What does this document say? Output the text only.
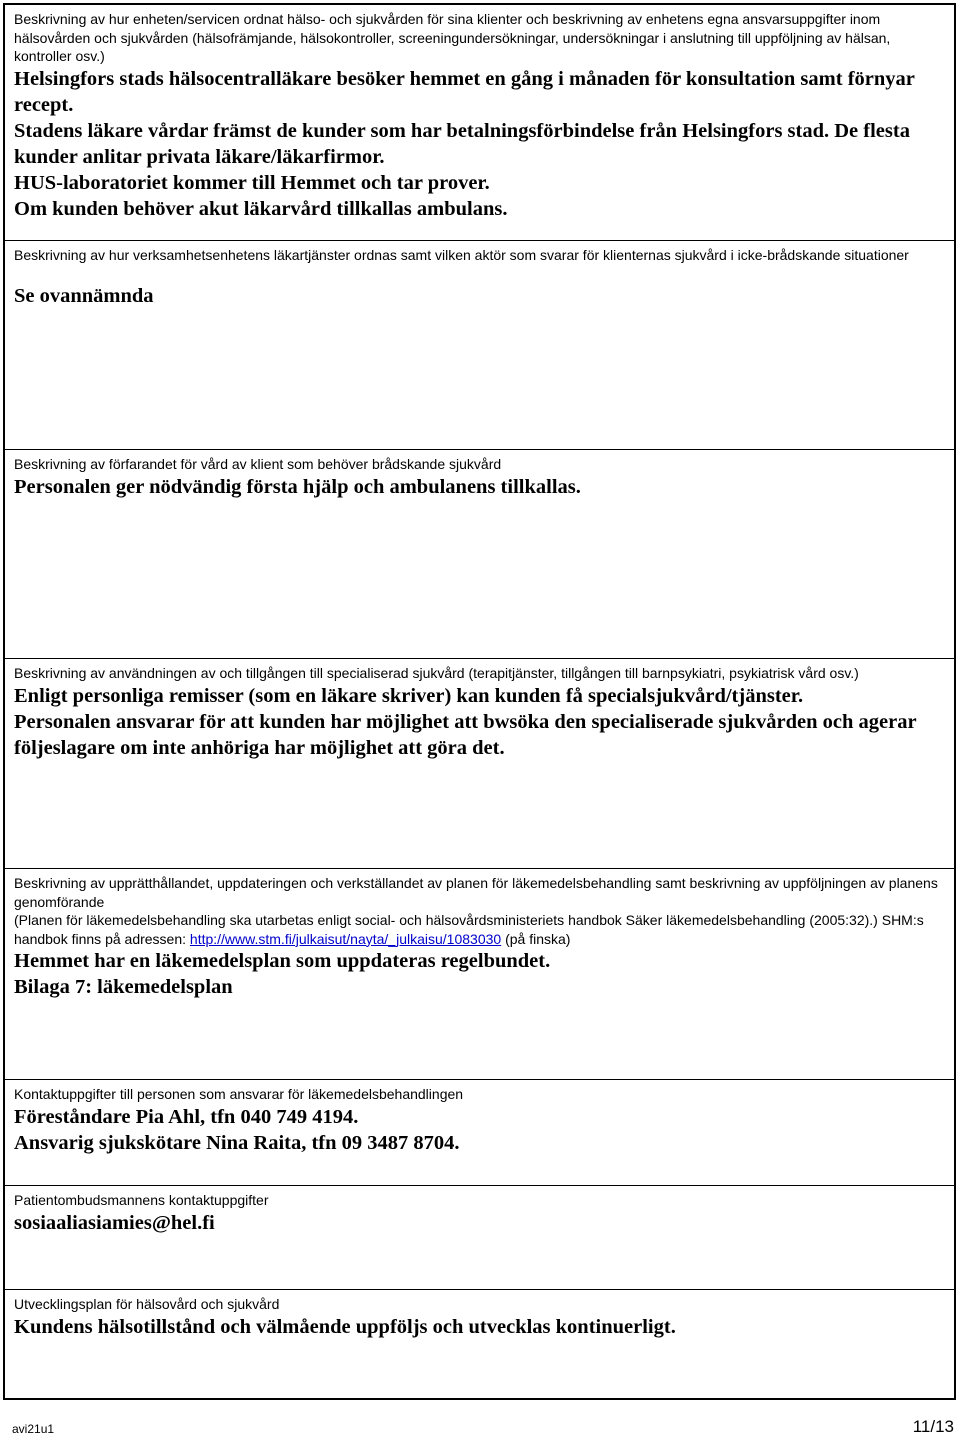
Beskrivning av hur enheten/servicen ordnat hälso- och sjukvården för sina klienter och beskrivning av enhetens egna ansvarsuppgifter inom hälsovården och sjukvården (hälsofrämjande, hälsokontroller, screeningundersökningar, undersökningar i anslutning till uppföljning av hälsan, kontroller osv.)

Helsingfors stads hälsocentralläkare besöker hemmet en gång i månaden för konsultation samt förnyar recept.

Stadens läkare vårdar främst de kunder som har betalningsförbindelse från Helsingfors stad. De flesta kunder anlitar privata läkare/läkarfirmor.

HUS-laboratoriet kommer till Hemmet och tar prover.

Om kunden behöver akut läkarvård tillkallas ambulans.

Beskrivning av hur verksamhetsenhetens läkartjänster ordnas samt vilken aktör som svarar för klienternas sjukvård i icke-brådskande situationer

Se ovannämnda

Beskrivning av förfarandet för vård av klient som behöver brådskande sjukvård

Personalen ger nödvändig första hjälp och ambulanens tillkallas.

Beskrivning av användningen av och tillgången till specialiserad sjukvård (terapitjänster, tillgången till barnpsykiatri, psykiatrisk vård osv.)

Enligt personliga remisser (som en läkare skriver) kan kunden få specialsjukvård/tjänster.

Personalen ansvarar för att kunden har möjlighet att bwsöka den specialiserade sjukvården och agerar följeslagare om inte anhöriga har möjlighet att göra det.

Beskrivning av upprätthållandet, uppdateringen och verkställandet av planen för läkemedelsbehandling samt beskrivning av uppföljningen av planens genomförande

(Planen för läkemedelsbehandling ska utarbetas enligt social- och hälsovårdsministeriets handbok Säker läkemedelsbehandling (2005:32).) SHM:s handbok finns på adressen: http://www.stm.fi/julkaisut/nayta/_julkaisu/1083030 (på finska)

Hemmet har en läkemedelsplan som uppdateras regelbundet.

Bilaga 7: läkemedelsplan

Kontaktuppgifter till personen som ansvarar för läkemedelsbehandlingen

Föreståndare Pia Ahl, tfn 040 749 4194.

Ansvarig sjukskötare Nina Raita, tfn 09 3487 8704.

Patientombudsmannens kontaktuppgifter

sosiaaliasiamies@hel.fi

Utvecklingsplan för hälsovård och sjukvård

Kundens hälsotillstånd och välmående uppföljs och utvecklas kontinuerligt.

avi21u1	11/13
